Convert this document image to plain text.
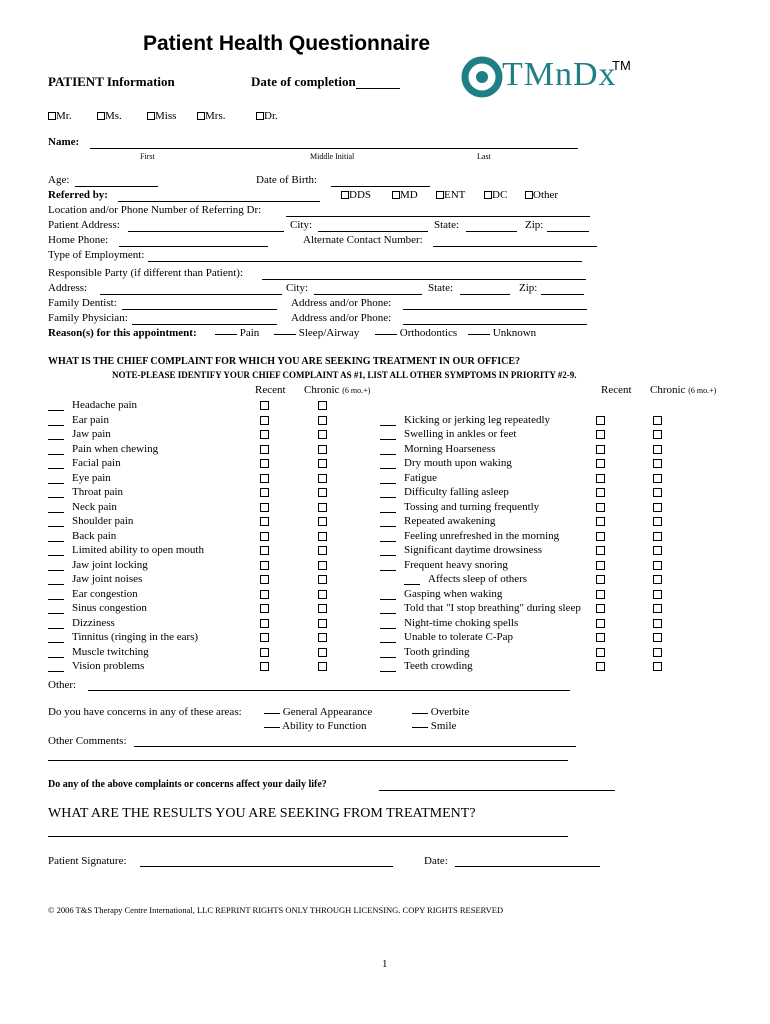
Patient Health Questionnaire
TMnDx
TM
PATIENT Information	Date of completion
Mr.	Ms.	Miss	Mrs.	Dr.
Name:
First	Middle Initial	Last
Age:	Date of Birth:
Referred by:	DDS	MD	ENT	DC	Other
Location and/or Phone Number of Referring Dr:
Patient Address:	City:	State:	Zip:
Home Phone:	Alternate Contact Number:
Type of Employment:
Responsible Party (if different than Patient):
Address:	City:	State:	Zip:
Family Dentist:	Address and/or Phone:
Family Physician:	Address and/or Phone:
Reason(s) for this appointment:	Pain	Sleep/Airway	Orthodontics	Unknown
WHAT IS THE CHIEF COMPLAINT FOR WHICH YOU ARE SEEKING TREATMENT IN OUR OFFICE?
NOTE-PLEASE IDENTIFY YOUR CHIEF COMPLAINT AS #1, LIST ALL OTHER SYMPTOMS IN PRIORITY #2-9.
Recent Chronic (6 mo.+)	Recent Chronic (6 mo.+)
Headache pain
Ear pain
Jaw pain
Pain when chewing
Facial pain
Eye pain
Throat pain
Neck pain
Shoulder pain
Back pain
Limited ability to open mouth
Jaw joint locking
Jaw joint noises
Ear congestion
Sinus congestion
Dizziness
Tinnitus (ringing in the ears)
Muscle twitching
Vision problems
Kicking or jerking leg repeatedly
Swelling in ankles or feet
Morning Hoarseness
Dry mouth upon waking
Fatigue
Difficulty falling asleep
Tossing and turning frequently
Repeated awakening
Feeling unrefreshed in the morning
Significant daytime drowsiness
Frequent heavy snoring
Affects sleep of others
Gasping when waking
Told that "I stop breathing" during sleep
Night-time choking spells
Unable to tolerate C-Pap
Tooth grinding
Teeth crowding
Other:
Do you have concerns in any of these areas:	General Appearance
Ability to Function
Overbite
Smile
Other Comments:
Do any of the above complaints or concerns affect your daily life?
WHAT ARE THE RESULTS YOU ARE SEEKING FROM TREATMENT?
Patient Signature:	Date:
© 2006 T&S Therapy Centre International, LLC REPRINT RIGHTS ONLY THROUGH LICENSING. COPY RIGHTS RESERVED
1
